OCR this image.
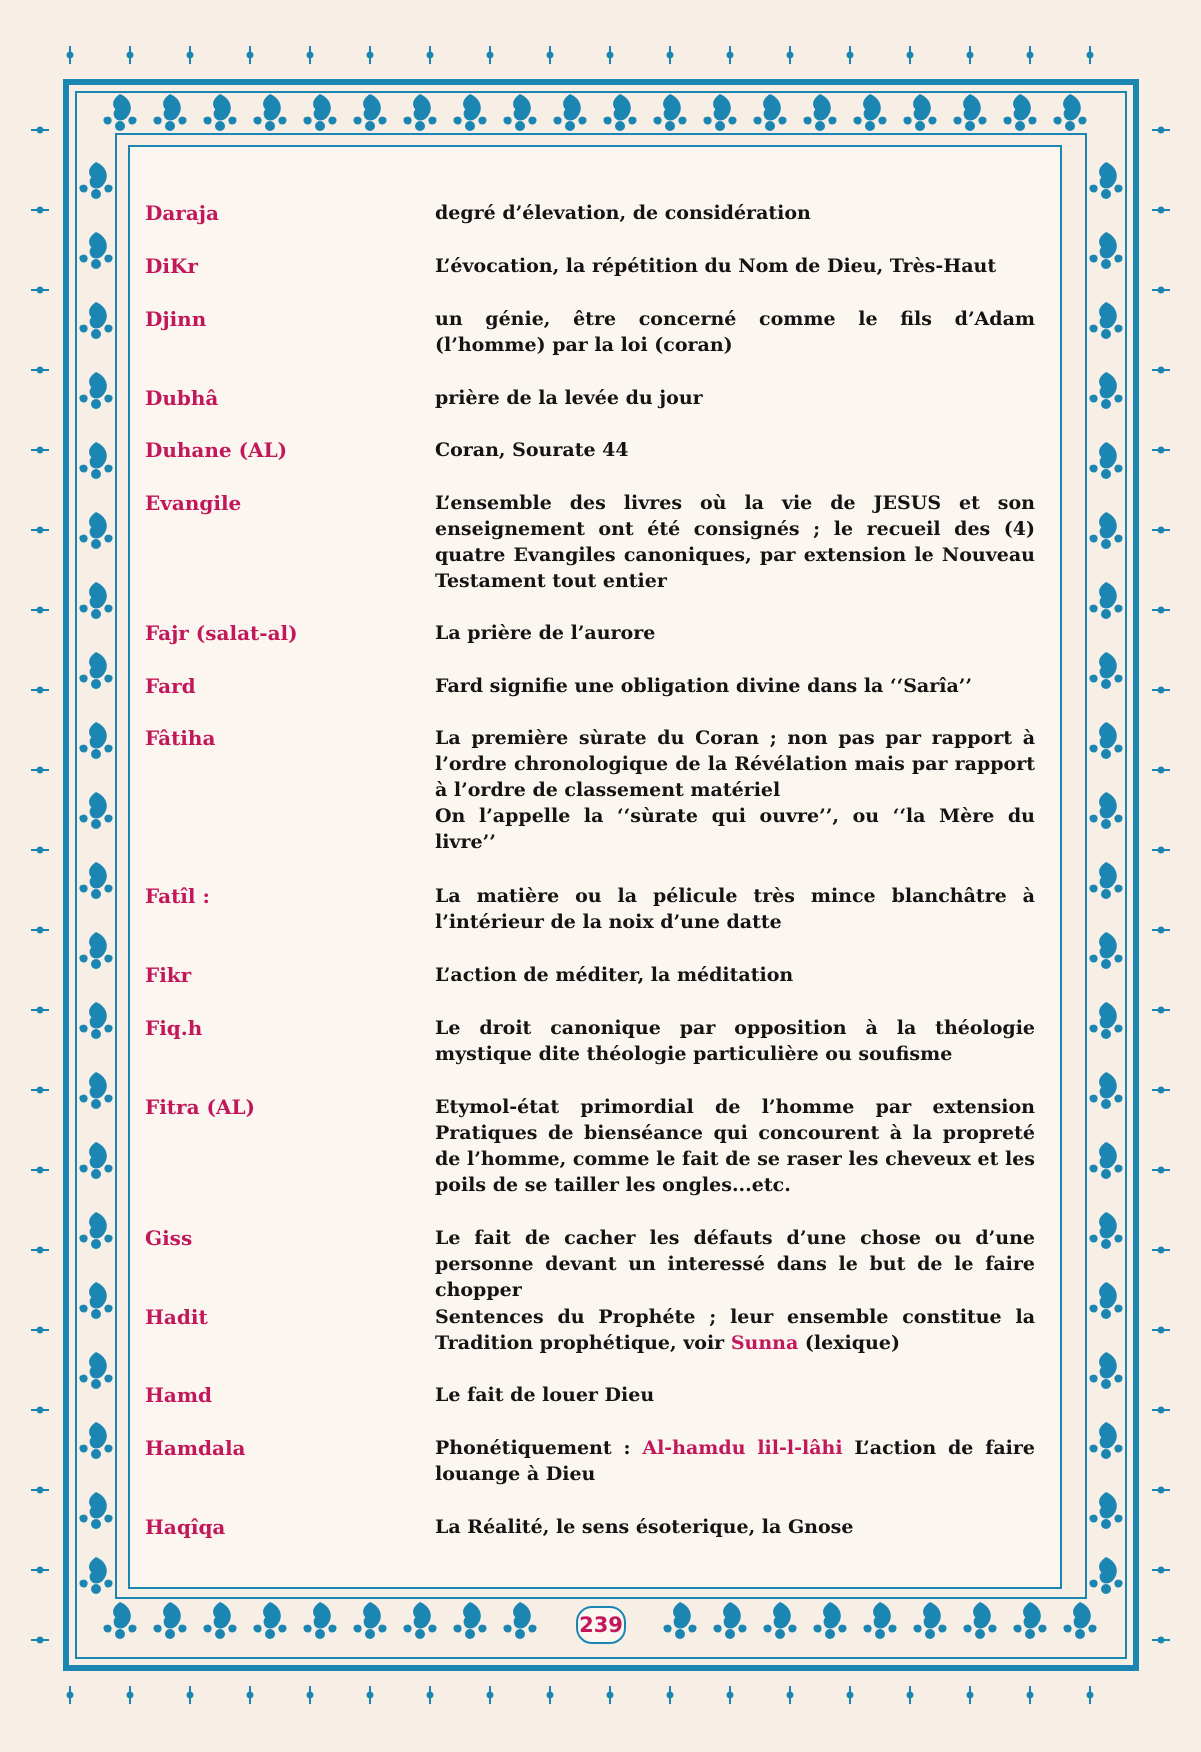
Daraja	degré d’élevation, de considération
DiKr	L’évocation, la répétition du Nom de Dieu, Très-Haut
Djinn	un génie, être concerné comme le fils d’Adam (l’homme) par la loi (coran)
Dubhâ	prière de la levée du jour
Duhane (AL)	Coran, Sourate 44
Evangile	L’ensemble des livres où la vie de JESUS et son enseignement ont été consignés ; le recueil des (4) quatre Evangiles canoniques, par extension le Nouveau Testament tout entier
Fajr (salat-al)	La prière de l’aurore
Fard	Fard signifie une obligation divine dans la ‘‘Sarîa’’
Fâtiha	La première sùrate du Coran ; non pas par rapport à l’ordre chronologique de la Révélation mais par rapport à l’ordre de classement matériel
On l’appelle la ‘‘sùrate qui ouvre’’, ou ‘‘la Mère du livre’’
Fatîl :	La matière ou la pélicule très mince blanchâtre à l’intérieur de la noix d’une datte
Fikr	L’action de méditer, la méditation
Fiq.h	Le droit canonique par opposition à la théologie mystique dite théologie particulière ou soufisme
Fitra (AL)	Etymol-état primordial de l’homme par extension Pratiques de bienséance qui concourent à la propreté de l’homme, comme le fait de se raser les cheveux et les poils de se tailler les ongles...etc.
Giss	Le fait de cacher les défauts d’une chose ou d’une personne devant un interessé dans le but de le faire chopper
Hadit	Sentences du Prophéte ; leur ensemble constitue la Tradition prophétique, voir Sunna (lexique)
Hamd	Le fait de louer Dieu
Hamdala	Phonétiquement : Al-hamdu lil-l-lâhi L’action de faire louange à Dieu
Haqîqa	La Réalité, le sens ésoterique, la Gnose
239
